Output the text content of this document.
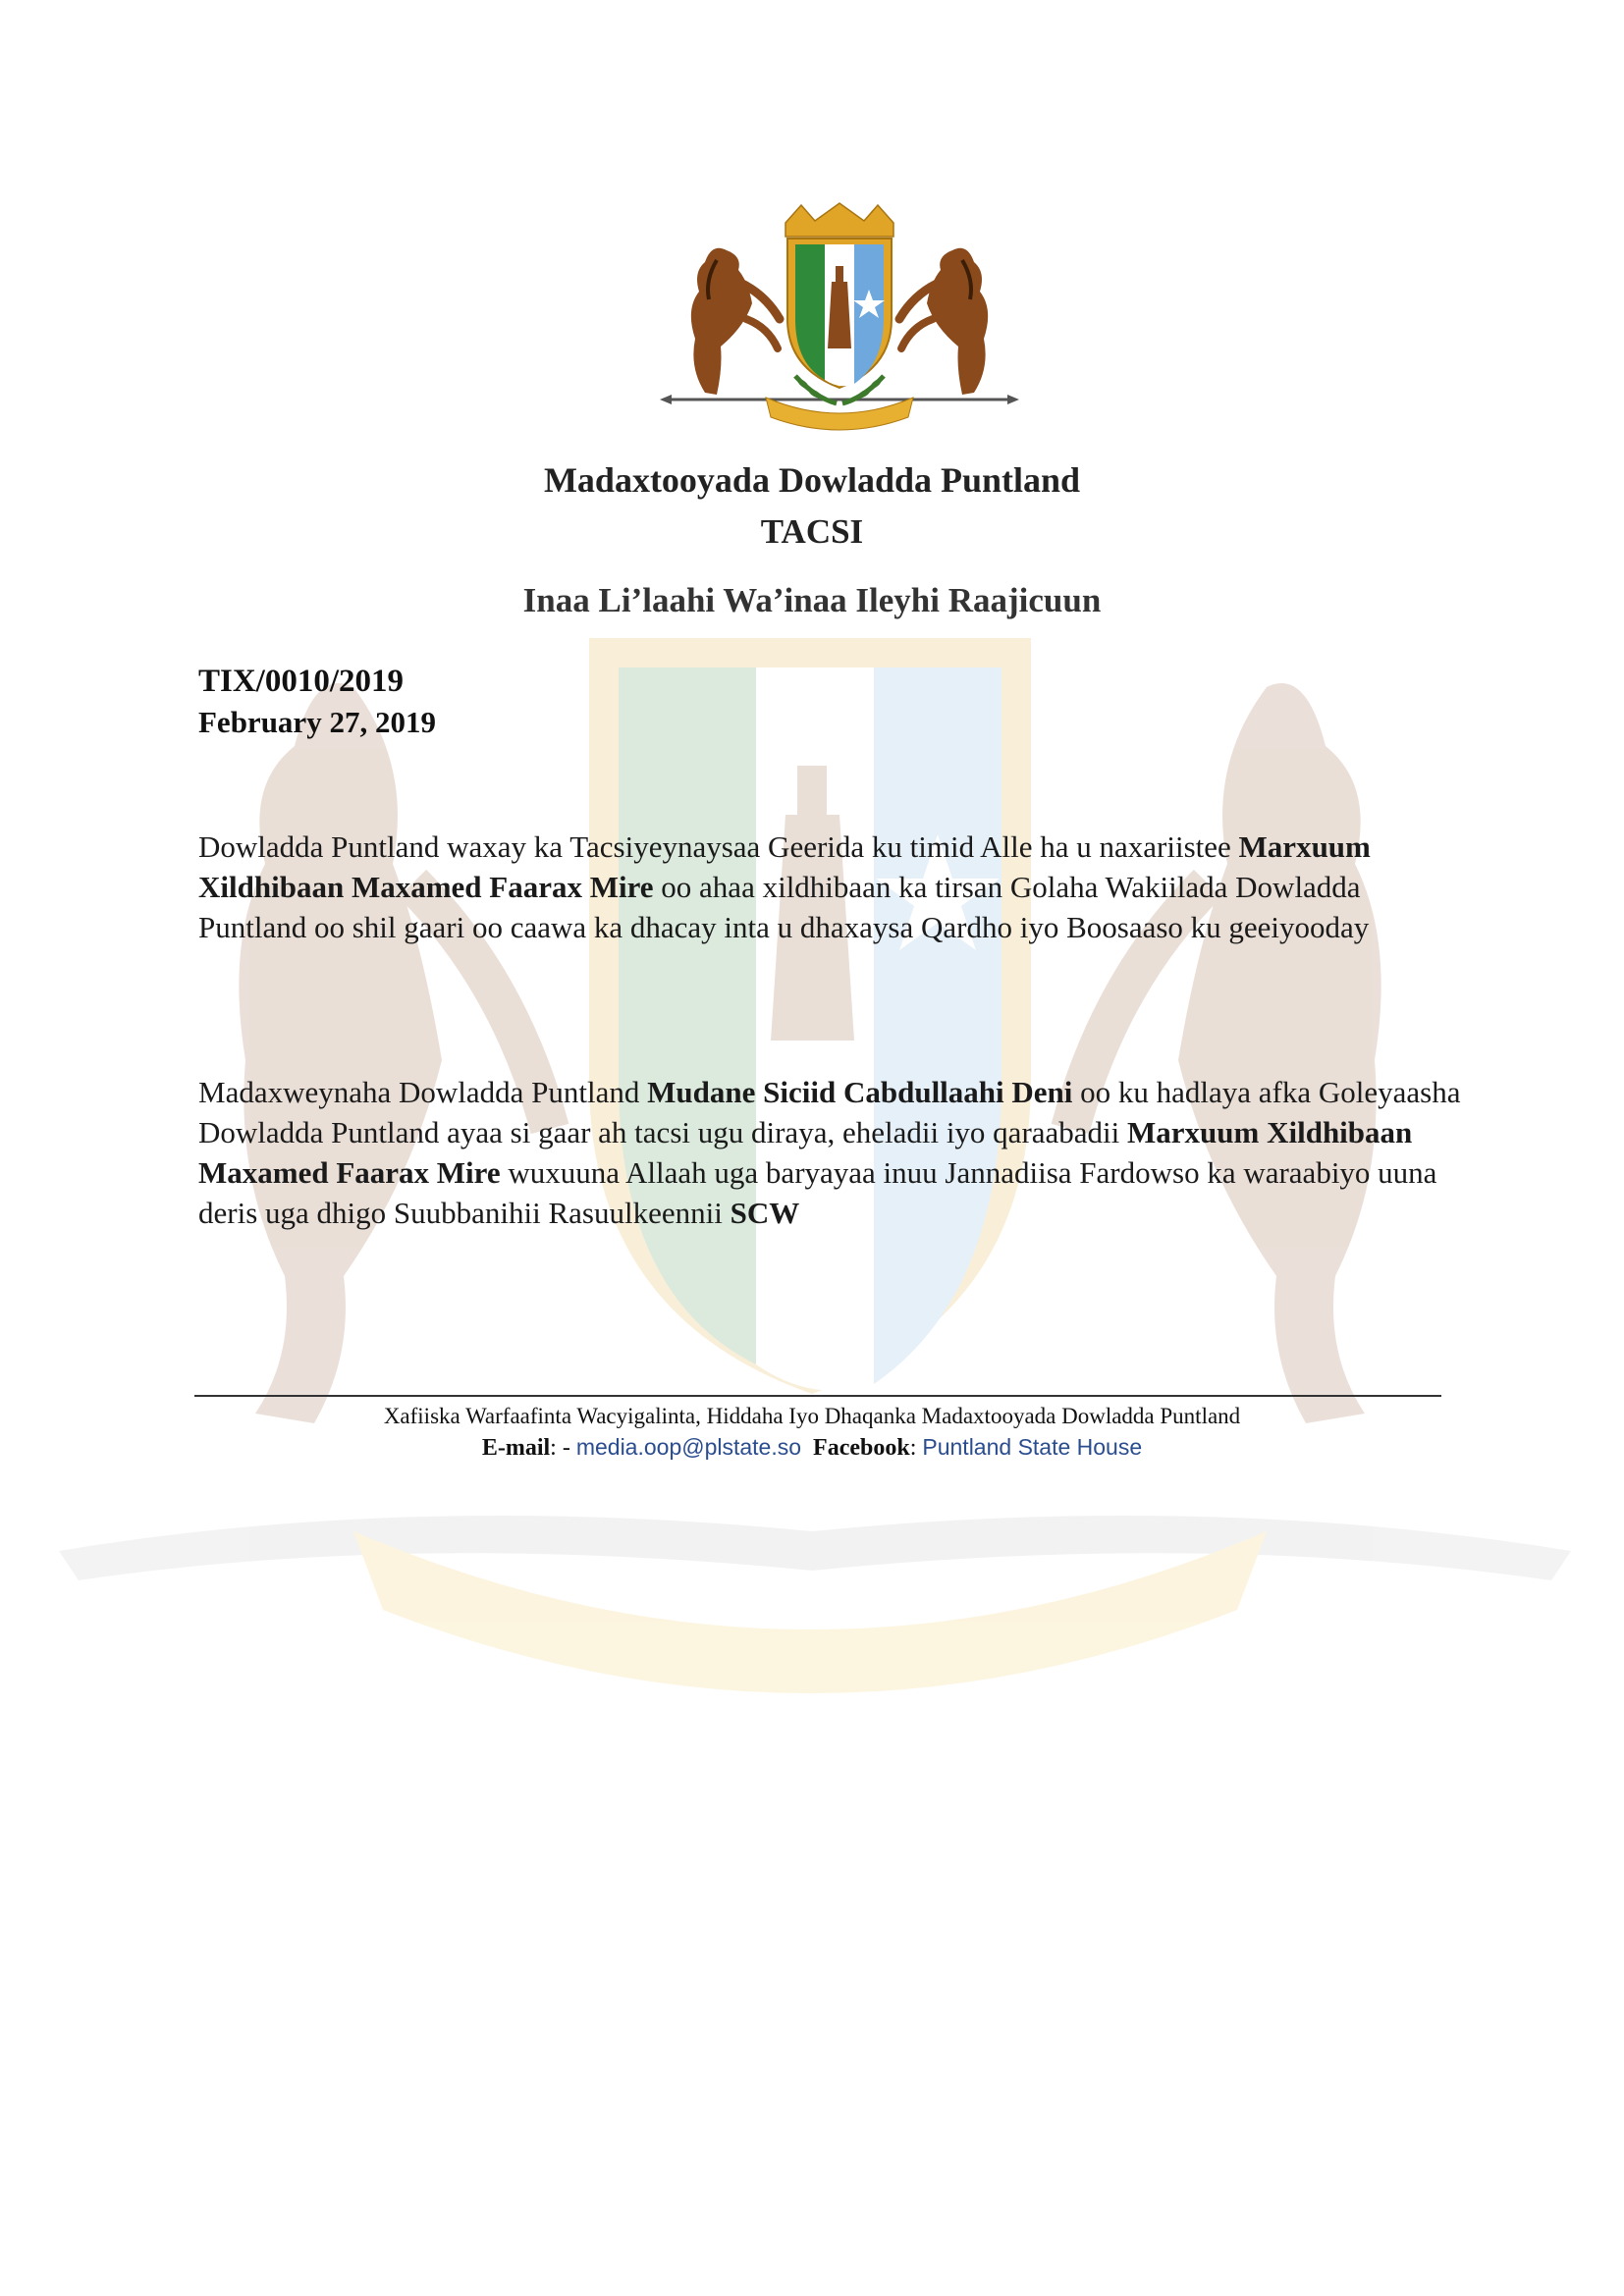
Madaxtooyada Dowladda Puntland
TACSI
Inaa Li’laahi Wa’inaa Ileyhi Raajicuun
TIX/0010/2019
February 27, 2019
Dowladda Puntland waxay ka Tacsiyeynaysaa Geerida ku timid Alle ha u naxariistee Marxuum Xildhibaan Maxamed Faarax Mire oo ahaa xildhibaan ka tirsan Golaha Wakiilada Dowladda Puntland oo shil gaari oo caawa ka dhacay inta u dhaxaysa Qardho iyo Boosaaso ku geeiyooday
Madaxweynaha Dowladda Puntland Mudane Siciid Cabdullaahi Deni oo ku hadlaya afka Goleyaasha Dowladda Puntland ayaa si gaar ah tacsi ugu diraya, eheladii iyo qaraabadii Marxuum Xildhibaan Maxamed Faarax Mire wuxuuna Allaah uga baryayaa inuu Jannadiisa Fardowso ka waraabiyo uuna deris uga dhigo Suubbanihii Rasuulkeennii SCW
Xafiiska Warfaafinta Wacyigalinta, Hiddaha Iyo Dhaqanka Madaxtooyada Dowladda Puntland
E-mail: - media.oop@plstate.so Facebook: Puntland State House
